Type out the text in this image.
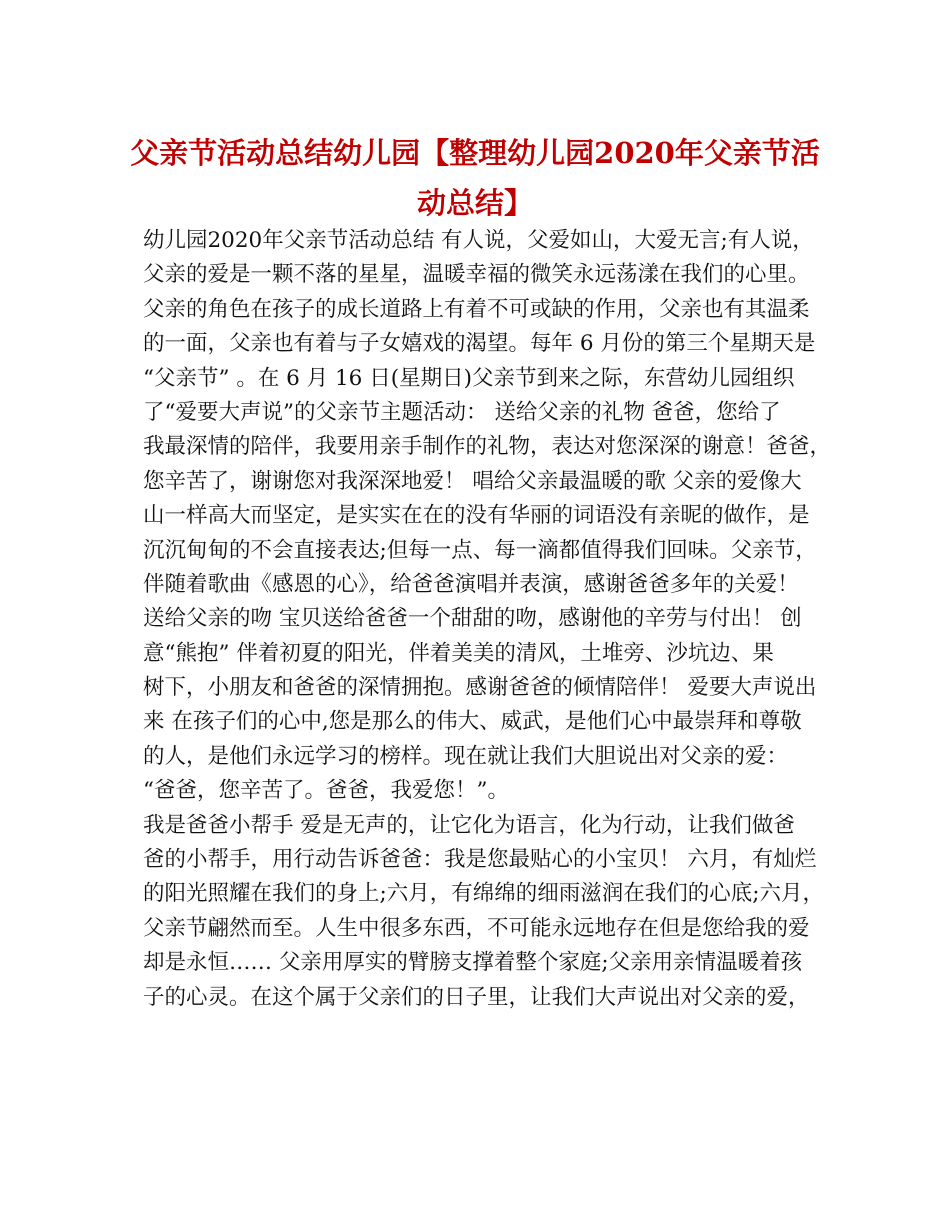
父亲节活动总结幼儿园【整理幼儿园2020年父亲节活
动总结】
幼儿园2020年父亲节活动总结 有人说，父爱如山，大爱无言;有人说，
父亲的爱是一颗不落的星星，温暖幸福的微笑永远荡漾在我们的心里。
父亲的角色在孩子的成长道路上有着不可或缺的作用，父亲也有其温柔
的一面，父亲也有着与子女嬉戏的渴望。每年 6 月份的第三个星期天是
“父亲节” 。在 6 月 16 日(星期日)父亲节到来之际，东营幼儿园组织
了“爱要大声说”的父亲节主题活动： 送给父亲的礼物 爸爸，您给了
我最深情的陪伴，我要用亲手制作的礼物，表达对您深深的谢意！爸爸，
您辛苦了，谢谢您对我深深地爱！ 唱给父亲最温暖的歌 父亲的爱像大
山一样高大而坚定，是实实在在的没有华丽的词语没有亲昵的做作，是
沉沉甸甸的不会直接表达;但每一点、每一滴都值得我们回味。父亲节，
伴随着歌曲《感恩的心》，给爸爸演唱并表演，感谢爸爸多年的关爱！
送给父亲的吻 宝贝送给爸爸一个甜甜的吻，感谢他的辛劳与付出！ 创
意“熊抱” 伴着初夏的阳光，伴着美美的清风，土堆旁、沙坑边、果
树下，小朋友和爸爸的深情拥抱。感谢爸爸的倾情陪伴！ 爱要大声说出
来 在孩子们的心中,您是那么的伟大、威武，是他们心中最崇拜和尊敬
的人，是他们永远学习的榜样。现在就让我们大胆说出对父亲的爱：
“爸爸，您辛苦了。爸爸，我爱您！”。
我是爸爸小帮手 爱是无声的，让它化为语言，化为行动，让我们做爸
爸的小帮手，用行动告诉爸爸：我是您最贴心的小宝贝！ 六月，有灿烂
的阳光照耀在我们的身上;六月，有绵绵的细雨滋润在我们的心底;六月，
父亲节翩然而至。人生中很多东西，不可能永远地存在但是您给我的爱
却是永恒…… 父亲用厚实的臂膀支撑着整个家庭;父亲用亲情温暖着孩
子的心灵。在这个属于父亲们的日子里，让我们大声说出对父亲的爱，
